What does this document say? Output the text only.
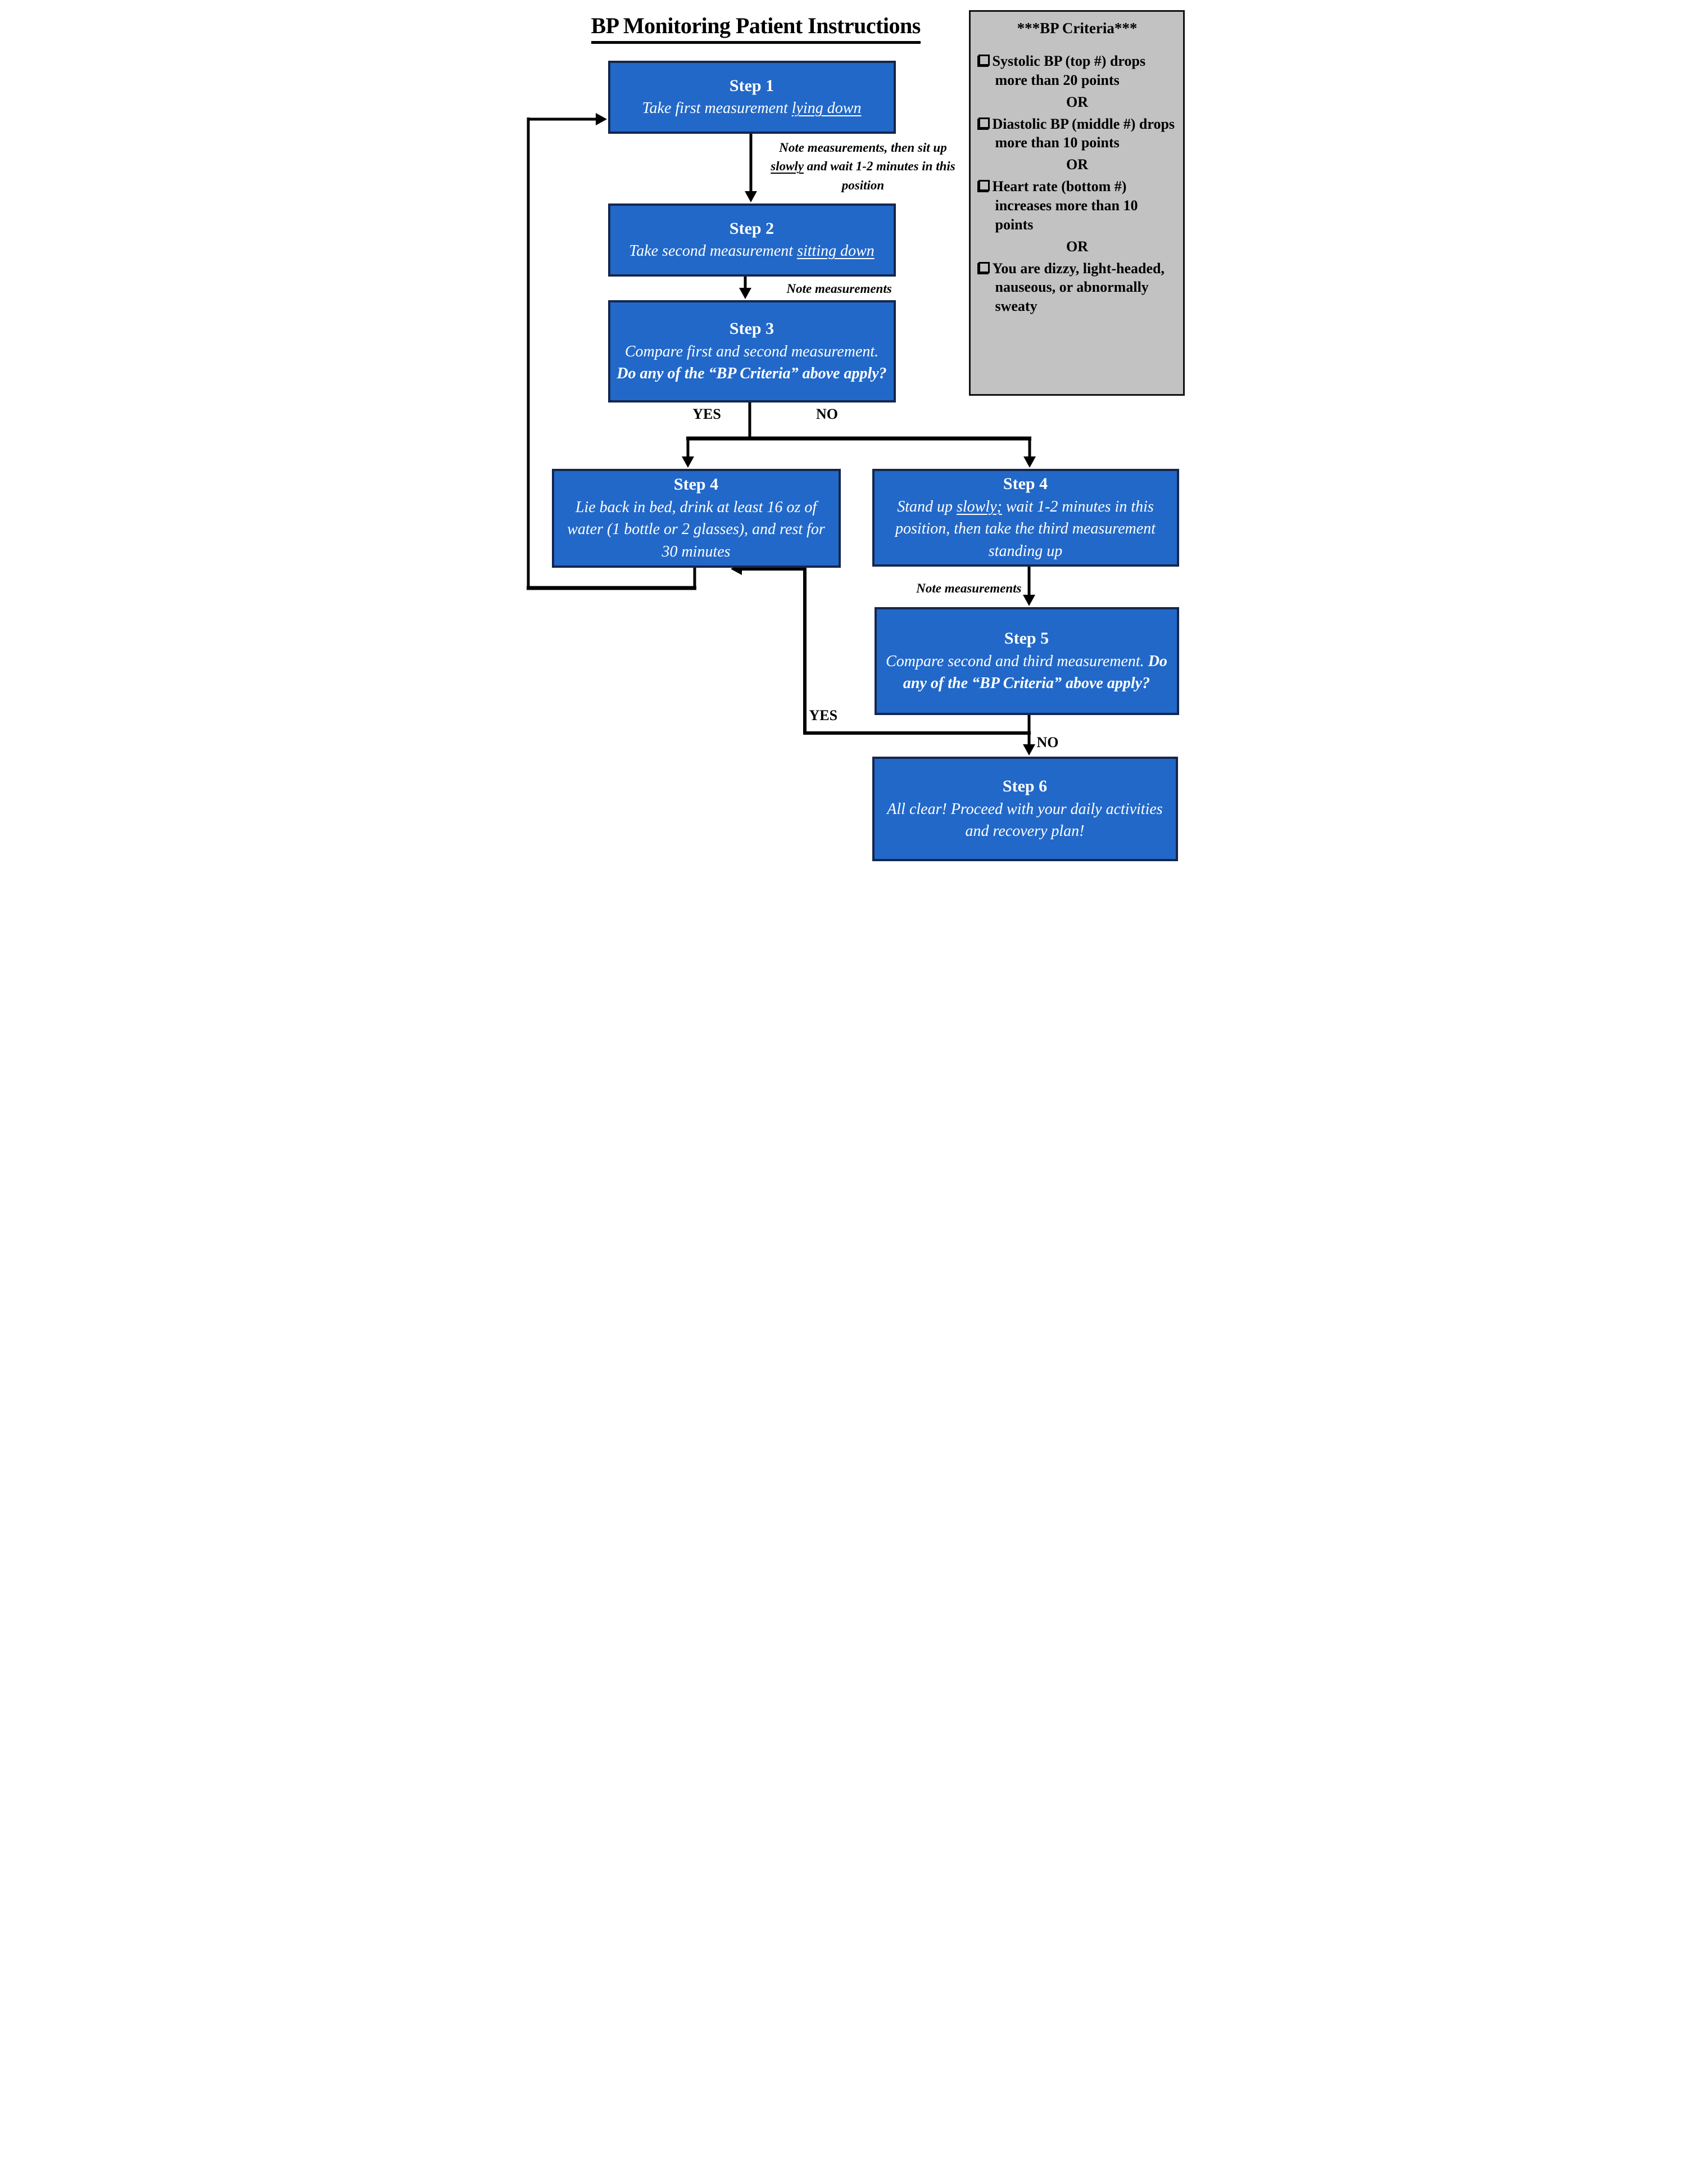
BP Monitoring Patient Instructions	***BP Criteria***
Systolic BP (top #) drops more than 20 points
OR
Diastolic BP (middle #) drops more than 10 points
OR
Heart rate (bottom #) increases more than 10 points
OR
You are dizzy, light-headed, nauseous, or abnormally sweaty
Step 1
Take first measurement lying down
Note measurements, then sit up slowly and wait 1-2 minutes in this position
Step 2
Take second measurement sitting down
Note measurements
Step 3
Compare first and second measurement. Do any of the “BP Criteria” above apply?
YES	NO
Step 4
Lie back in bed, drink at least 16 oz of water (1 bottle or 2 glasses), and rest for 30 minutes
Step 4
Stand up slowly; wait 1-2 minutes in this position, then take the third measurement standing up
Note measurements
Step 5
Compare second and third measurement. Do any of the “BP Criteria” above apply?
YES
NO
Step 6
All clear! Proceed with your daily activities and recovery plan!
